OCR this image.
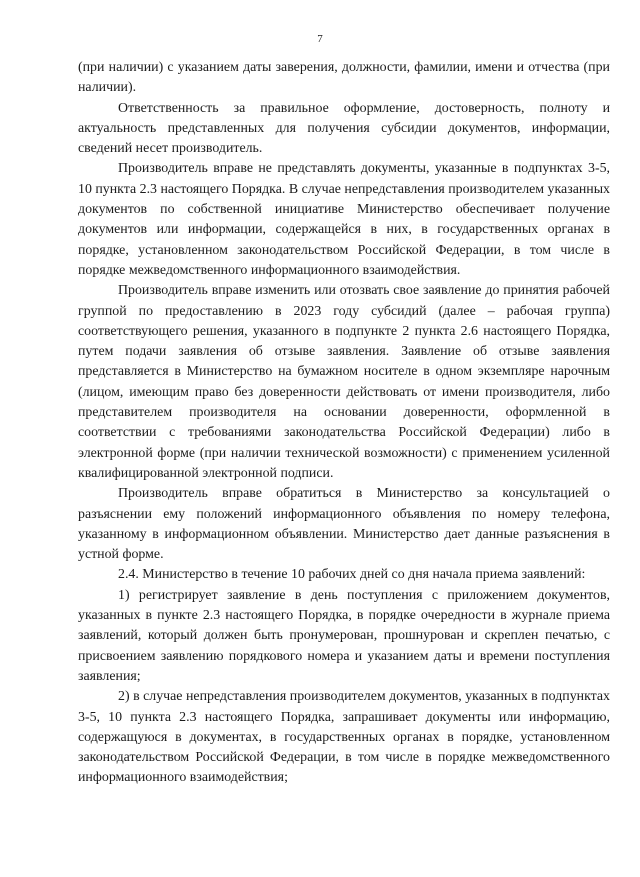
7

(при наличии) с указанием даты заверения, должности, фамилии, имени и отчества (при наличии).

Ответственность за правильное оформление, достоверность, полноту и актуальность представленных для получения субсидии документов, информации, сведений несет производитель.

Производитель вправе не представлять документы, указанные в подпунктах 3-5, 10 пункта 2.3 настоящего Порядка. В случае непредставления производителем указанных документов по собственной инициативе Министерство обеспечивает получение документов или информации, содержащейся в них, в государственных органах в порядке, установленном законодательством Российской Федерации, в том числе в порядке межведомственного информационного взаимодействия.

Производитель вправе изменить или отозвать свое заявление до принятия рабочей группой по предоставлению в 2023 году субсидий (далее – рабочая группа) соответствующего решения, указанного в подпункте 2 пункта 2.6 настоящего Порядка, путем подачи заявления об отзыве заявления. Заявление об отзыве заявления представляется в Министерство на бумажном носителе в одном экземпляре нарочным (лицом, имеющим право без доверенности действовать от имени производителя, либо представителем производителя на основании доверенности, оформленной в соответствии с требованиями законодательства Российской Федерации) либо в электронной форме (при наличии технической возможности) с применением усиленной квалифицированной электронной подписи.

Производитель вправе обратиться в Министерство за консультацией о разъяснении ему положений информационного объявления по номеру телефона, указанному в информационном объявлении. Министерство дает данные разъяснения в устной форме.

2.4. Министерство в течение 10 рабочих дней со дня начала приема заявлений:

1) регистрирует заявление в день поступления с приложением документов, указанных в пункте 2.3 настоящего Порядка, в порядке очередности в журнале приема заявлений, который должен быть пронумерован, прошнурован и скреплен печатью, с присвоением заявлению порядкового номера и указанием даты и времени поступления заявления;

2) в случае непредставления производителем документов, указанных в подпунктах 3-5, 10 пункта 2.3 настоящего Порядка, запрашивает документы или информацию, содержащуюся в документах, в государственных органах в порядке, установленном законодательством Российской Федерации, в том числе в порядке межведомственного информационного взаимодействия;
